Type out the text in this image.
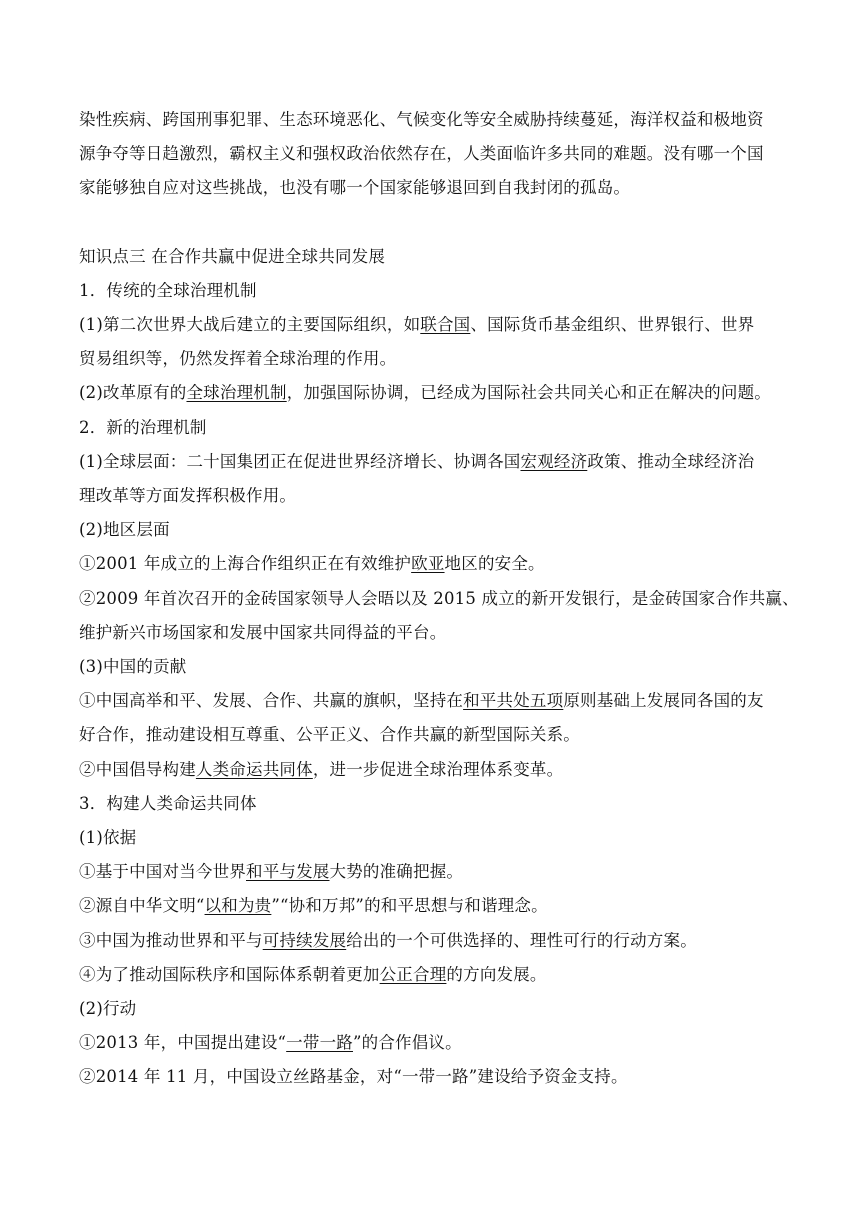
染性疾病、跨国刑事犯罪、生态环境恶化、气候变化等安全威胁持续蔓延，海洋权益和极地资
源争夺等日趋激烈，霸权主义和强权政治依然存在，人类面临许多共同的难题。没有哪一个国
家能够独自应对这些挑战，也没有哪一个国家能够退回到自我封闭的孤岛。
知识点三 在合作共赢中促进全球共同发展
1．传统的全球治理机制
(1)第二次世界大战后建立的主要国际组织，如联合国、国际货币基金组织、世界银行、世界
贸易组织等，仍然发挥着全球治理的作用。
(2)改革原有的全球治理机制，加强国际协调，已经成为国际社会共同关心和正在解决的问题。
2．新的治理机制
(1)全球层面：二十国集团正在促进世界经济增长、协调各国宏观经济政策、推动全球经济治
理改革等方面发挥积极作用。
(2)地区层面
①2001 年成立的上海合作组织正在有效维护欧亚地区的安全。
②2009 年首次召开的金砖国家领导人会晤以及 2015 成立的新开发银行，是金砖国家合作共赢、
维护新兴市场国家和发展中国家共同得益的平台。
(3)中国的贡献
①中国高举和平、发展、合作、共赢的旗帜，坚持在和平共处五项原则基础上发展同各国的友
好合作，推动建设相互尊重、公平正义、合作共赢的新型国际关系。
②中国倡导构建人类命运共同体，进一步促进全球治理体系变革。
3．构建人类命运共同体
(1)依据
①基于中国对当今世界和平与发展大势的准确把握。
②源自中华文明“以和为贵”“协和万邦”的和平思想与和谐理念。
③中国为推动世界和平与可持续发展给出的一个可供选择的、理性可行的行动方案。
④为了推动国际秩序和国际体系朝着更加公正合理的方向发展。
(2)行动
①2013 年，中国提出建设“一带一路”的合作倡议。
②2014 年 11 月，中国设立丝路基金，对“一带一路”建设给予资金支持。
